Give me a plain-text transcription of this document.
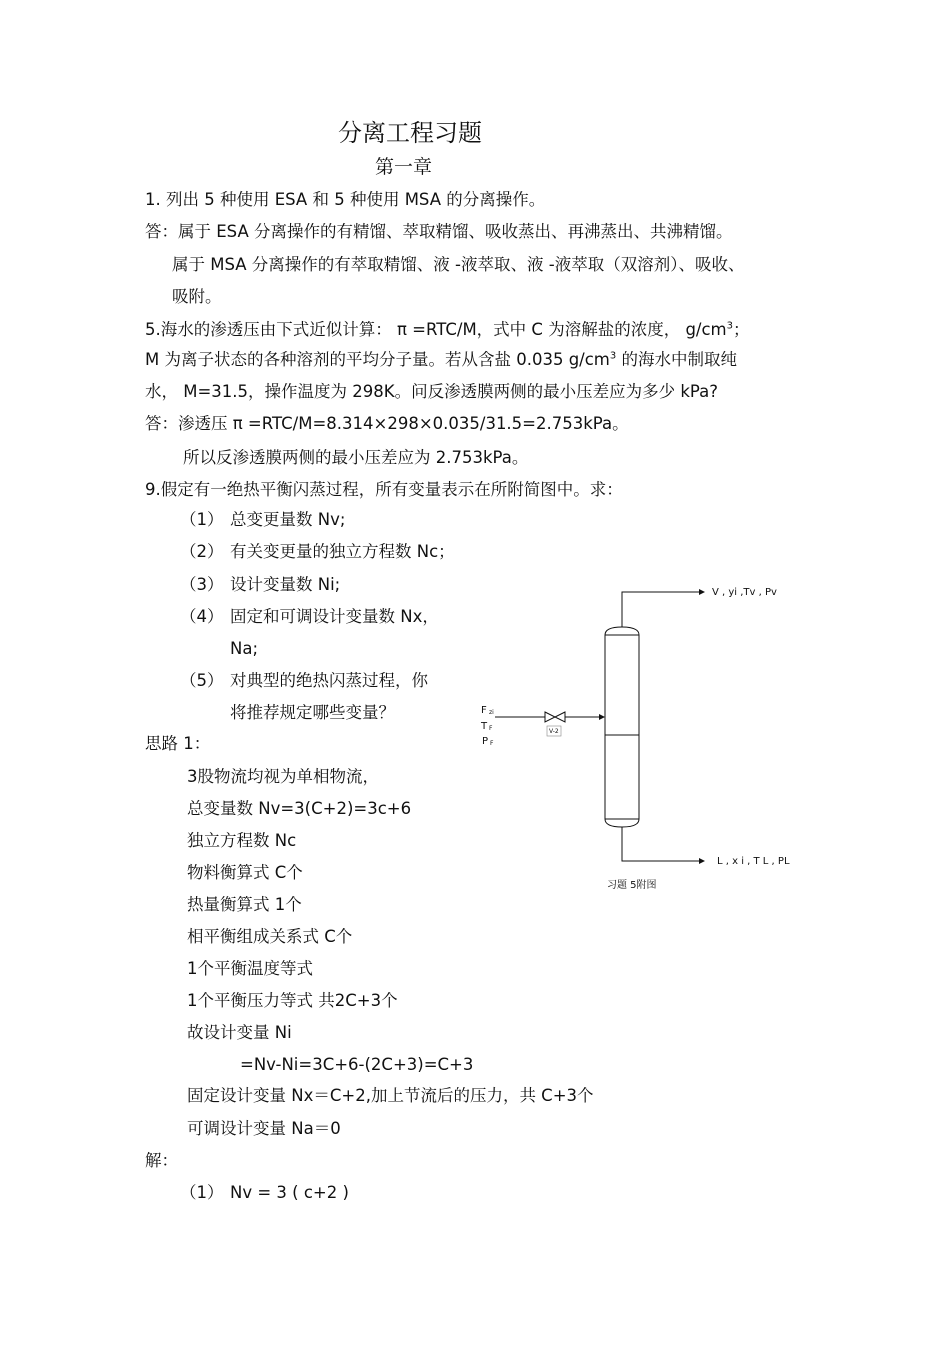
分离工程习题
第一章
1. 列出 5 种使用 ESA 和 5 种使用 MSA 的分离操作。
答：属于 ESA 分离操作的有精馏、萃取精馏、吸收蒸出、再沸蒸出、共沸精馏。
属于 MSA 分离操作的有萃取精馏、液 -液萃取、液 -液萃取（双溶剂）、吸收、
吸附。
5.海水的渗透压由下式近似计算： π =RTC/M，式中 C 为溶解盐的浓度， $g/cm^3$；
M 为离子状态的各种溶剂的平均分子量。若从含盐 0.035 $g/cm^3$ 的海水中制取纯
水， M=31.5，操作温度为 298K。问反渗透膜两侧的最小压差应为多少 kPa?
答：渗透压 π =RTC/M=8.314×298×0.035/31.5=2.753kPa。
所以反渗透膜两侧的最小压差应为 2.753kPa。
9.假定有一绝热平衡闪蒸过程，所有变量表示在所附简图中。求：
（1） 总变更量数 Nv;
（2） 有关变更量的独立方程数 Nc；
（3） 设计变量数 Ni;
（4） 固定和可调设计变量数 Nx，
Na;
（5） 对典型的绝热闪蒸过程，你
将推荐规定哪些变量？
思路 1：
3股物流均视为单相物流，
总变量数 Nv=3(C+2)=3c+6
独立方程数 Nc
物料衡算式 C个
热量衡算式 1个
相平衡组成关系式 C个
1个平衡温度等式
1个平衡压力等式 共2C+3个
故设计变量 Ni
=Nv-Ni=3C+6-(2C+3)=C+3
固定设计变量 Nx＝C+2,加上节流后的压力，共 C+3个
可调设计变量 Na＝0
解：
（1） Nv = 3 ( c+2 )
V , yi ,Tv , Pv
V-2
F zi
T F
P F
L , x i , T L , PL
习题 5附图
